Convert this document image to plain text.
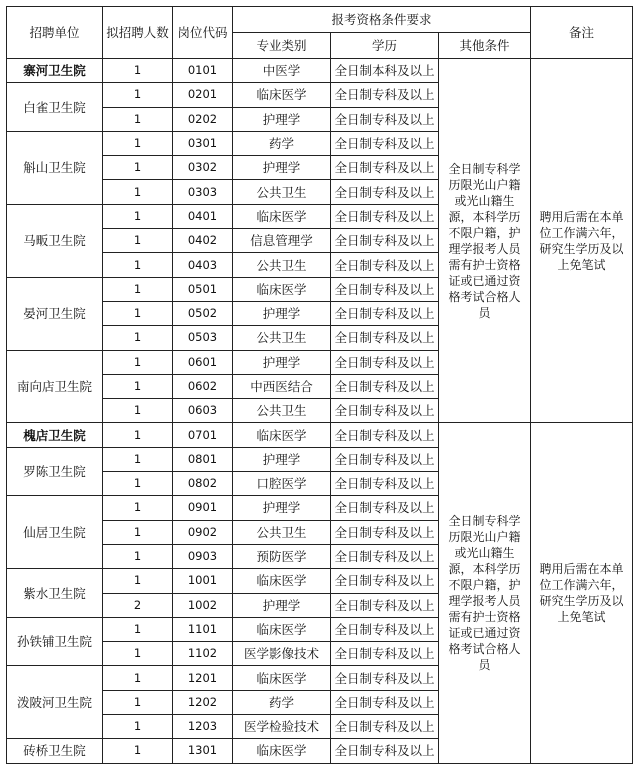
招聘单位	拟招聘人数	岗位代码	报考资格条件要求			备注
			专业类别	学历	其他条件	
寨河卫生院	1	0101	中医学	全日制本科及以上	全日制专科学历限光山户籍或光山籍生源，本科学历不限户籍，护理学报考人员需有护士资格证或已通过资格考试合格人员	聘用后需在本单位工作满六年，研究生学历及以上免笔试
白雀卫生院	1	0201	临床医学	全日制专科及以上		
	1	0202	护理学	全日制专科及以上		
斛山卫生院	1	0301	药学	全日制专科及以上		
	1	0302	护理学	全日制专科及以上		
	1	0303	公共卫生	全日制专科及以上		
马畈卫生院	1	0401	临床医学	全日制专科及以上		
	1	0402	信息管理学	全日制专科及以上		
	1	0403	公共卫生	全日制专科及以上		
晏河卫生院	1	0501	临床医学	全日制专科及以上		
	1	0502	护理学	全日制专科及以上		
	1	0503	公共卫生	全日制专科及以上		
南向店卫生院	1	0601	护理学	全日制专科及以上		
	1	0602	中西医结合	全日制专科及以上		
	1	0603	公共卫生	全日制专科及以上		
槐店卫生院	1	0701	临床医学	全日制专科及以上	全日制专科学历限光山户籍或光山籍生源，本科学历不限户籍，护理学报考人员需有护士资格证或已通过资格考试合格人员	聘用后需在本单位工作满六年，研究生学历及以上免笔试
罗陈卫生院	1	0801	护理学	全日制专科及以上		
	1	0802	口腔医学	全日制专科及以上		
仙居卫生院	1	0901	护理学	全日制专科及以上		
	1	0902	公共卫生	全日制专科及以上		
	1	0903	预防医学	全日制专科及以上		
紫水卫生院	1	1001	临床医学	全日制专科及以上		
	2	1002	护理学	全日制专科及以上		
孙铁铺卫生院	1	1101	临床医学	全日制专科及以上		
	1	1102	医学影像技术	全日制专科及以上		
泼陂河卫生院	1	1201	临床医学	全日制专科及以上		
	1	1202	药学	全日制专科及以上		
	1	1203	医学检验技术	全日制专科及以上		
砖桥卫生院	1	1301	临床医学	全日制专科及以上		
